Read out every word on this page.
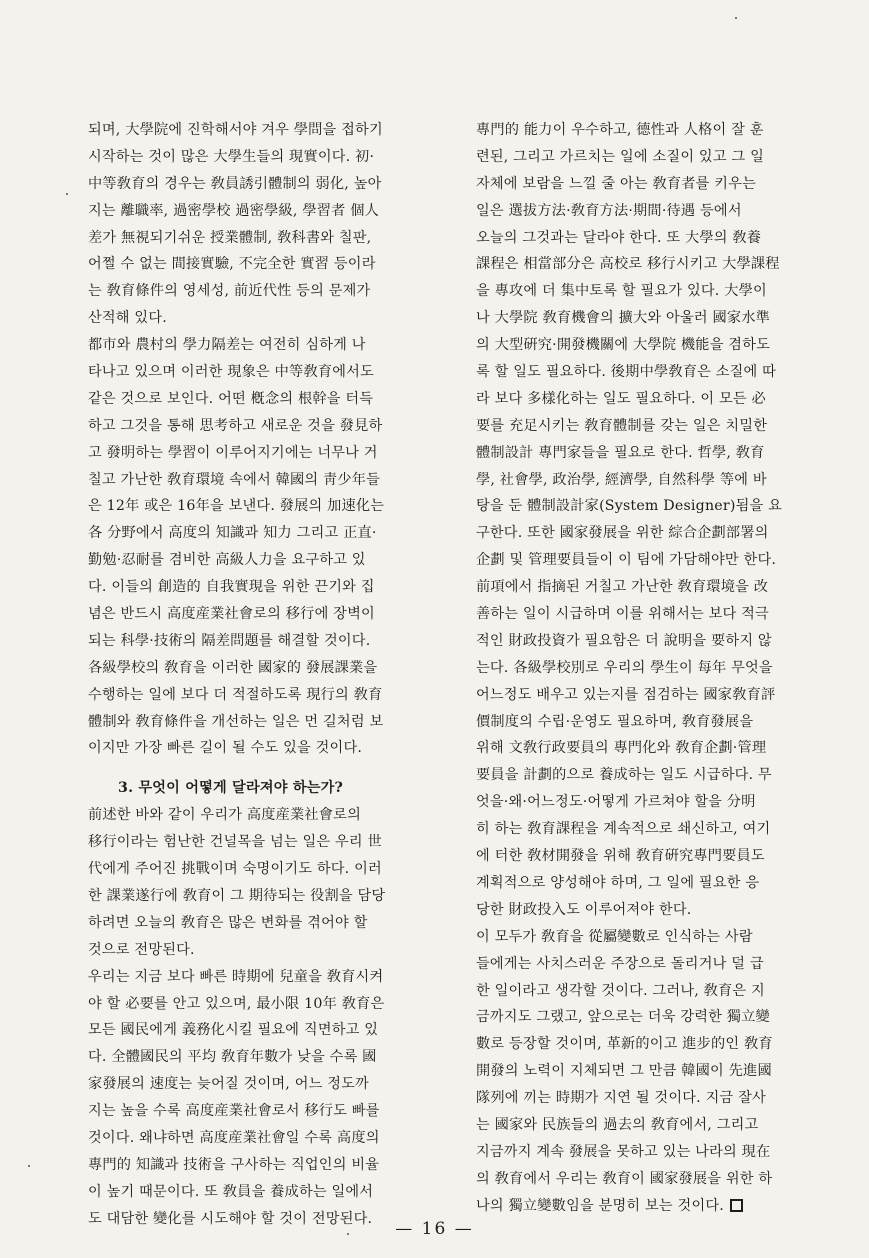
되며, 大學院에 진학해서야 겨우 學問을 접하기
시작하는 것이 많은 大學生들의 現實이다. 初·
中等敎育의 경우는 敎員誘引體制의 弱化, 높아
지는 離職率, 過密學校 過密學級, 學習者 個人
差가 無視되기쉬운 授業體制, 敎科書와 칠판,
어쩔 수 없는 間接實驗, 不完全한 實習 등이라
는 敎育條件의 영세성, 前近代性 등의 문제가
산적해 있다.
都市와 農村의 學力隔差는 여전히 심하게 나
타나고 있으며 이러한 現象은 中等敎育에서도
같은 것으로 보인다. 어떤 槪念의 根幹을 터득
하고 그것을 통해 思考하고 새로운 것을 發見하
고 發明하는 學習이 이루어지기에는 너무나 거
칠고 가난한 敎育環境 속에서 韓國의 靑少年들
은 12年 或은 16年을 보낸다. 發展의 加速化는
各 分野에서 高度의 知識과 知力 그리고 正直·
勤勉·忍耐를 겸비한 高級人力을 요구하고 있
다. 이들의 創造的 自我實現을 위한 끈기와 집
념은 반드시 高度産業社會로의 移行에 장벽이
되는 科學·技術의 隔差問題를 해결할 것이다.
各級學校의 敎育을 이러한 國家的 發展課業을
수행하는 일에 보다 더 적절하도록 現行의 敎育
體制와 敎育條件을 개선하는 일은 먼 길처럼 보
이지만 가장 빠른 길이 될 수도 있을 것이다.
3. 무엇이 어떻게 달라져야 하는가?
前述한 바와 같이 우리가 高度産業社會로의
移行이라는 험난한 건널목을 넘는 일은 우리 世
代에게 주어진 挑戰이며 숙명이기도 하다. 이러
한 課業遂行에 敎育이 그 期待되는 役割을 담당
하려면 오늘의 敎育은 많은 변화를 겪어야 할
것으로 전망된다.
우리는 지금 보다 빠른 時期에 兒童을 敎育시켜
야 할 必要를 안고 있으며, 最小限 10年 敎育은
모든 國民에게 義務化시킬 필요에 직면하고 있
다. 全體國民의 平均 敎育年數가 낮을 수록 國
家發展의 速度는 늦어질 것이며, 어느 정도까
지는 높을 수록 高度産業社會로서 移行도 빠를
것이다. 왜냐하면 高度産業社會일 수록 高度의
專門的 知識과 技術을 구사하는 직업인의 비율
이 높기 때문이다. 또 敎員을 養成하는 일에서
도 대담한 變化를 시도해야 할 것이 전망된다.
專門的 能力이 우수하고, 德性과 人格이 잘 훈
련된, 그리고 가르치는 일에 소질이 있고 그 일
자체에 보람을 느낄 줄 아는 敎育者를 키우는
일은 選拔方法·敎育方法·期間·待遇 등에서
오늘의 그것과는 달라야 한다. 또 大學의 敎養
課程은 相當部分은 高校로 移行시키고 大學課程
을 專攻에 더 集中토록 할 필요가 있다. 大學이
나 大學院 敎育機會의 擴大와 아울러 國家水準
의 大型硏究·開發機關에 大學院 機能을 겸하도
록 할 일도 필요하다. 後期中學敎育은 소질에 따
라 보다 多樣化하는 일도 필요하다. 이 모든 必
要를 充足시키는 敎育體制를 갖는 일은 치밀한
體制設計 專門家들을 필요로 한다. 哲學, 敎育
學, 社會學, 政治學, 經濟學, 自然科學 等에 바
탕을 둔 體制設計家(System Designer)됨을 요
구한다. 또한 國家發展을 위한 綜合企劃部署의
企劃 및 管理要員들이 이 팀에 가담해야만 한다.
前項에서 指摘된 거칠고 가난한 敎育環境을 改
善하는 일이 시급하며 이를 위해서는 보다 적극
적인 財政投資가 필요함은 더 說明을 要하지 않
는다. 各級學校別로 우리의 學生이 每年 무엇을
어느정도 배우고 있는지를 점검하는 國家敎育評
價制度의 수립·운영도 필요하며, 敎育發展을
위해 文敎行政要員의 專門化와 敎育企劃·管理
要員을 計劃的으로 養成하는 일도 시급하다. 무
엇을·왜·어느정도·어떻게 가르쳐야 할을 分明
히 하는 敎育課程을 계속적으로 쇄신하고, 여기
에 터한 敎材開發을 위해 敎育硏究專門要員도
계획적으로 양성해야 하며, 그 일에 필요한 응
당한 財政投入도 이루어져야 한다.
이 모두가 敎育을 從屬變數로 인식하는 사람
들에게는 사치스러운 주장으로 돌리거나 덜 급
한 일이라고 생각할 것이다. 그러나, 敎育은 지
금까지도 그랬고, 앞으로는 더욱 강력한 獨立變
數로 등장할 것이며, 革新的이고 進步的인 敎育
開發의 노력이 지체되면 그 만큼 韓國이 先進國
隊列에 끼는 時期가 지연 될 것이다. 지금 잘사
는 國家와 民族들의 過去의 敎育에서, 그리고
지금까지 계속 發展을 못하고 있는 나라의 現在
의 敎育에서 우리는 敎育이 國家發展을 위한 하
나의 獨立變數임을 분명히 보는 것이다.
— 16 —
